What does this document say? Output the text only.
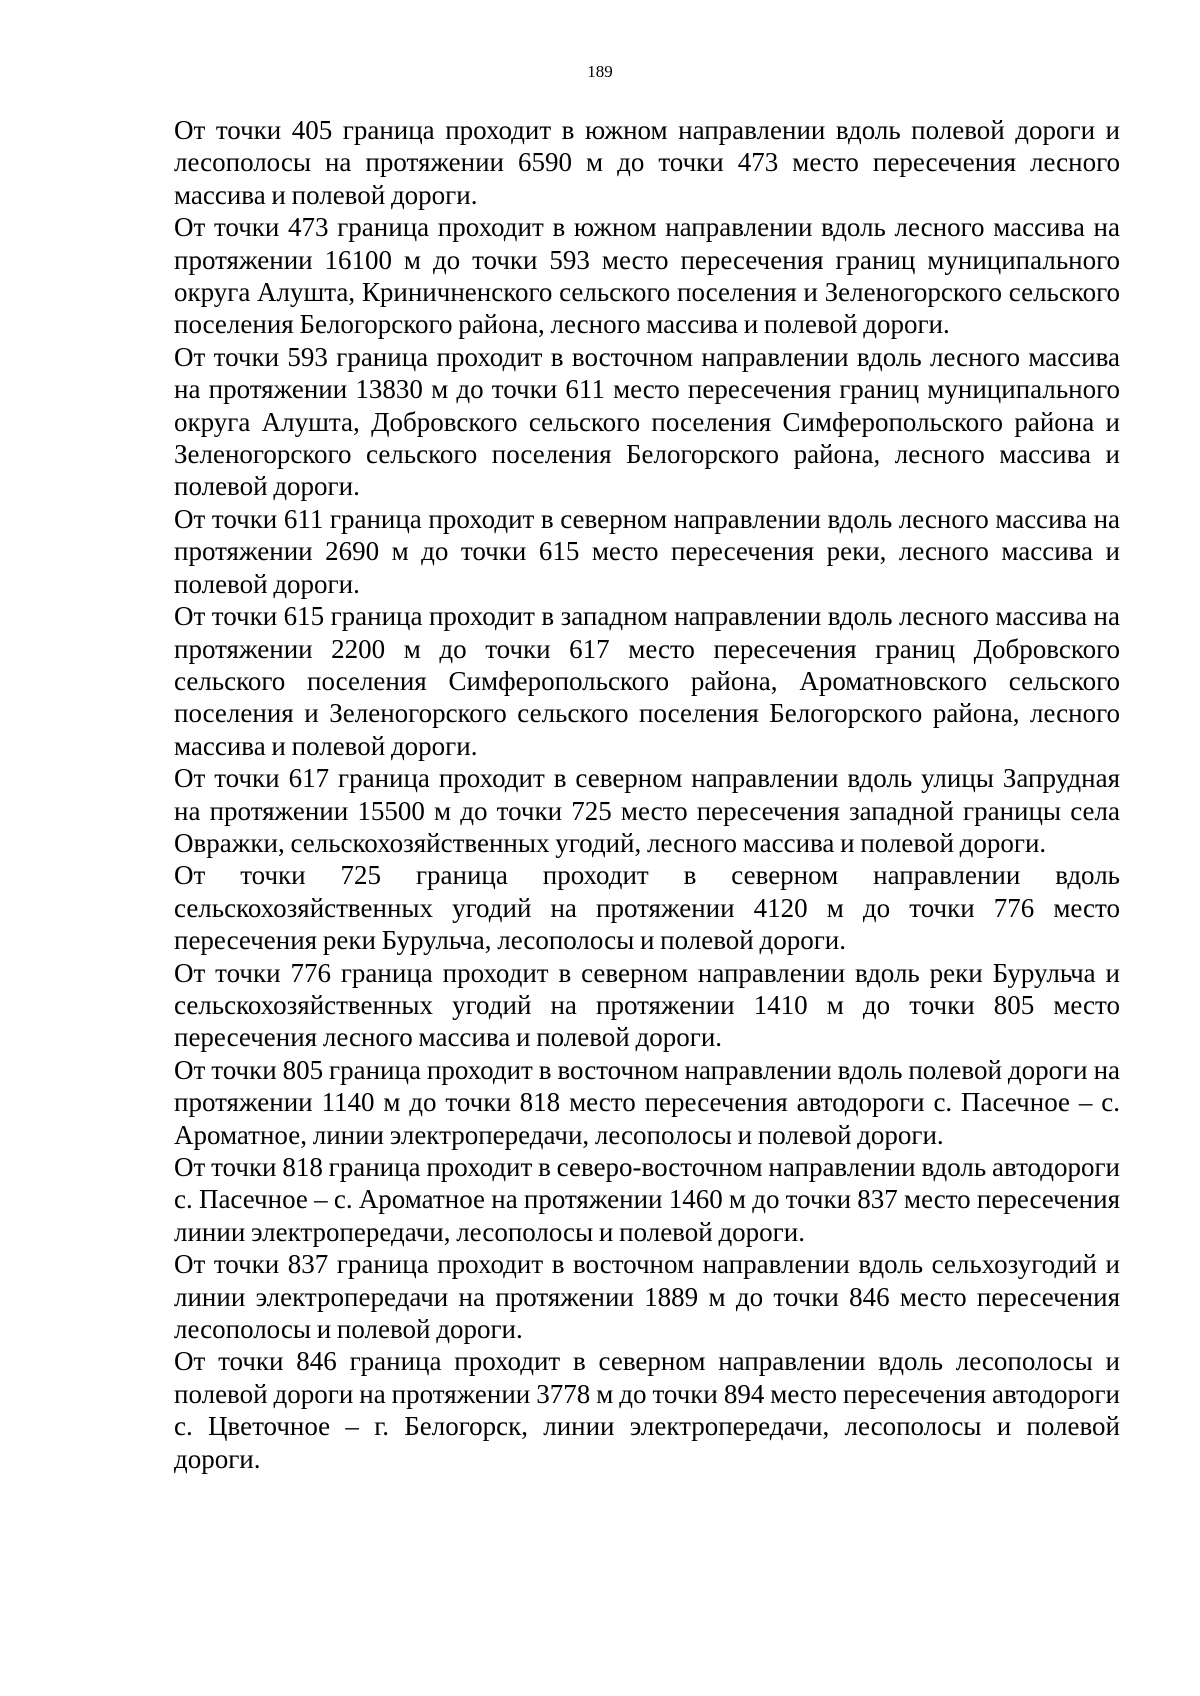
189

От точки 405 граница проходит в южном направлении вдоль полевой дороги и лесополосы на протяжении 6590 м до точки 473 место пересечения лесного массива и полевой дороги.

От точки 473 граница проходит в южном направлении вдоль лесного массива на протяжении 16100 м до точки 593 место пересечения границ муниципального округа Алушта, Криничненского сельского поселения и Зеленогорского сельского поселения Белогорского района, лесного массива и полевой дороги.

От точки 593 граница проходит в восточном направлении вдоль лесного массива на протяжении 13830 м до точки 611 место пересечения границ муниципального округа Алушта, Добровского сельского поселения Симферопольского района и Зеленогорского сельского поселения Белогорского района, лесного массива и полевой дороги.

От точки 611 граница проходит в северном направлении вдоль лесного массива на протяжении 2690 м до точки 615 место пересечения реки, лесного массива и полевой дороги.

От точки 615 граница проходит в западном направлении вдоль лесного массива на протяжении 2200 м до точки 617 место пересечения границ Добровского сельского поселения Симферопольского района, Ароматновского сельского поселения и Зеленогорского сельского поселения Белогорского района, лесного массива и полевой дороги.

От точки 617 граница проходит в северном направлении вдоль улицы Запрудная на протяжении 15500 м до точки 725 место пересечения западной границы села Овражки, сельскохозяйственных угодий, лесного массива и полевой дороги.

От точки 725 граница проходит в северном направлении вдоль сельскохозяйственных угодий на протяжении 4120 м до точки 776 место пересечения реки Бурульча, лесополосы и полевой дороги.

От точки 776 граница проходит в северном направлении вдоль реки Бурульча и сельскохозяйственных угодий на протяжении 1410 м до точки 805 место пересечения лесного массива и полевой дороги.

От точки 805 граница проходит в восточном направлении вдоль полевой дороги на протяжении 1140 м до точки 818 место пересечения автодороги с. Пасечное – с. Ароматное, линии электропередачи, лесополосы и полевой дороги.

От точки 818 граница проходит в северо-восточном направлении вдоль автодороги с. Пасечное – с. Ароматное на протяжении 1460 м до точки 837 место пересечения линии электропередачи, лесополосы и полевой дороги.

От точки 837 граница проходит в восточном направлении вдоль сельхозугодий и линии электропередачи на протяжении 1889 м до точки 846 место пересечения лесополосы и полевой дороги.

От точки 846 граница проходит в северном направлении вдоль лесополосы и полевой дороги на протяжении 3778 м до точки 894 место пересечения автодороги с. Цветочное – г. Белогорск, линии электропередачи, лесополосы и полевой дороги.
